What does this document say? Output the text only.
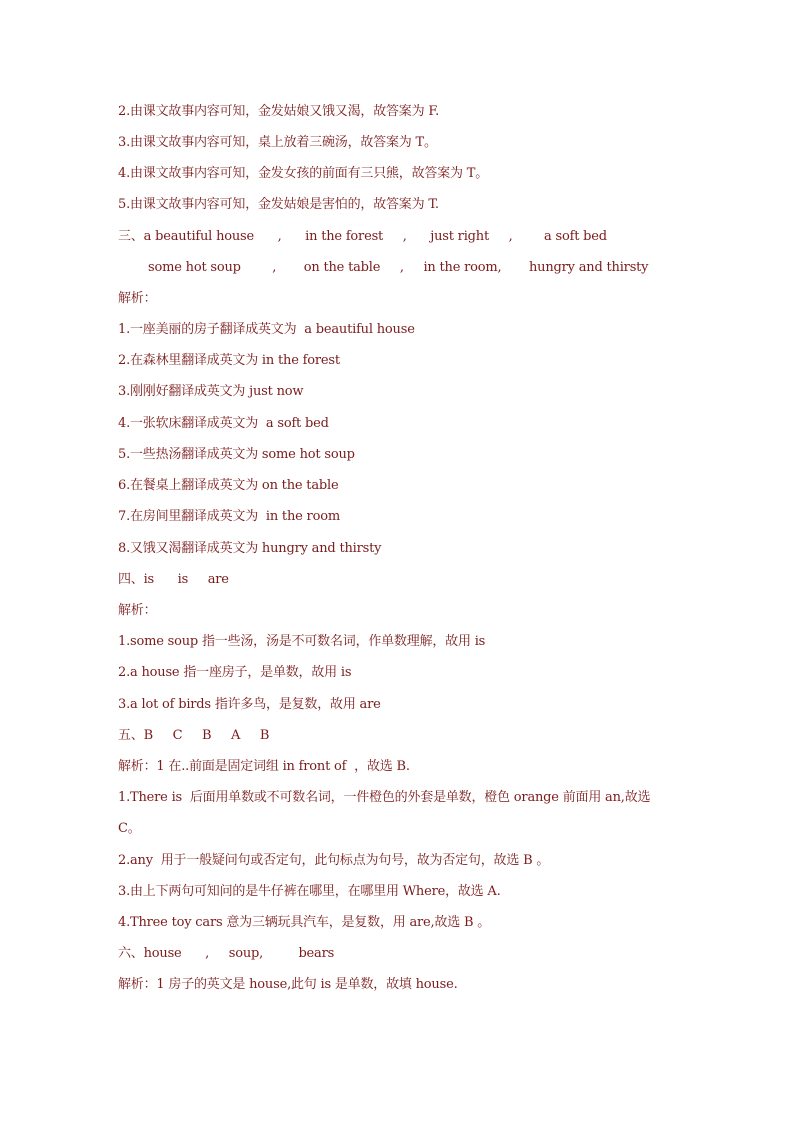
2.由课文故事内容可知，金发姑娘又饿又渴，故答案为 F.
3.由课文故事内容可知，桌上放着三碗汤，故答案为 T。
4.由课文故事内容可知，金发女孩的前面有三只熊，故答案为 T。
5.由课文故事内容可知，金发姑娘是害怕的，故答案为 T.
三、a beautiful house      ,      in the forest     ,      just right     ,        a soft bed
some hot soup        ,       on the table     ,     in the room,       hungry and thirsty
解析：
1.一座美丽的房子翻译成英文为  a beautiful house
2.在森林里翻译成英文为 in the forest
3.刚刚好翻译成英文为 just now
4.一张软床翻译成英文为  a soft bed
5.一些热汤翻译成英文为 some hot soup
6.在餐桌上翻译成英文为 on the table
7.在房间里翻译成英文为  in the room
8.又饿又渴翻译成英文为 hungry and thirsty
四、is      is     are
解析：
1.some soup 指一些汤，汤是不可数名词，作单数理解，故用 is
2.a house 指一座房子，是单数，故用 is
3.a lot of birds 指许多鸟，是复数，故用 are
五、B     C     B     A     B
解析：1 在..前面是固定词组 in front of  ，故选 B.
1.There is  后面用单数或不可数名词，一件橙色的外套是单数，橙色 orange 前面用 an,故选
C。
2.any  用于一般疑问句或否定句，此句标点为句号，故为否定句，故选 B 。
3.由上下两句可知问的是牛仔裤在哪里，在哪里用 Where，故选 A.
4.Three toy cars 意为三辆玩具汽车，是复数，用 are,故选 B 。
六、house      ,     soup,         bears
解析：1 房子的英文是 house,此句 is 是单数，故填 house.
